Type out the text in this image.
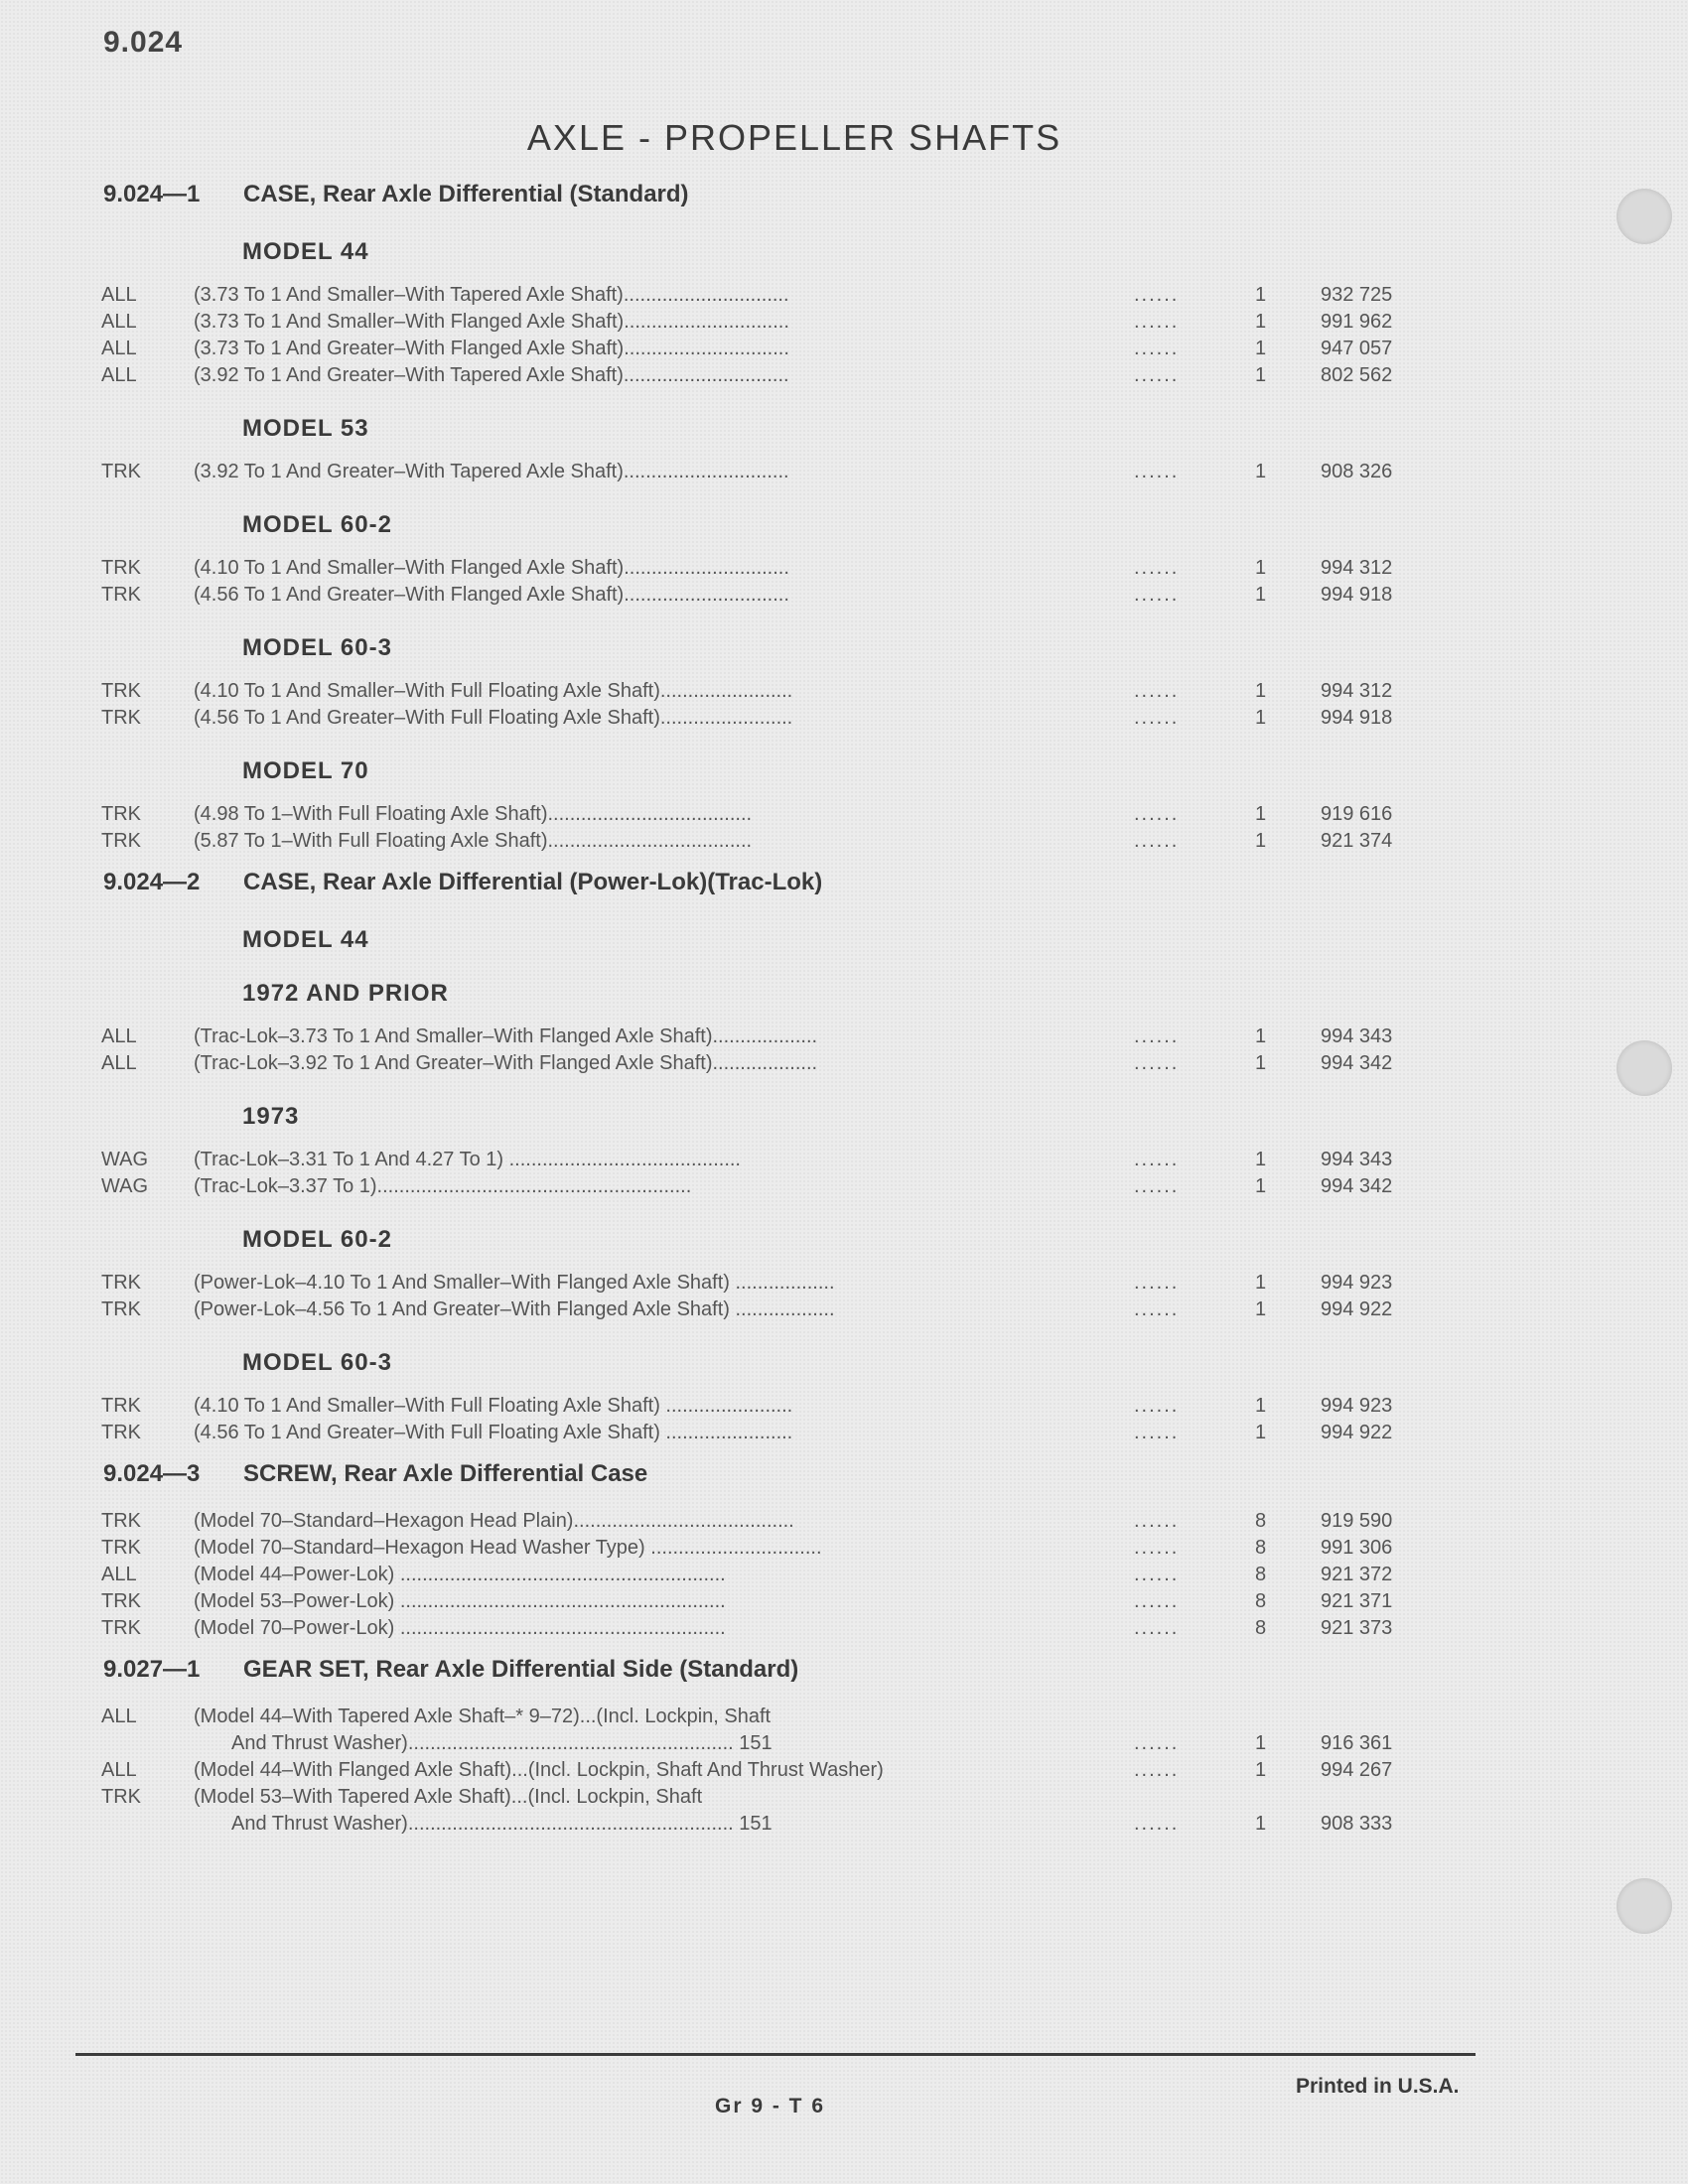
9.024
AXLE - PROPELLER SHAFTS
9.024—1 CASE, Rear Axle Differential (Standard)
MODEL 44
ALL	(3.73 To 1 And Smaller–With Tapered Axle Shaft)..............................	......	1	932 725
ALL	(3.73 To 1 And Smaller–With Flanged Axle Shaft)..............................	......	1	991 962
ALL	(3.73 To 1 And Greater–With Flanged Axle Shaft)..............................	......	1	947 057
ALL	(3.92 To 1 And Greater–With Tapered Axle Shaft)..............................	......	1	802 562
MODEL 53
TRK	(3.92 To 1 And Greater–With Tapered Axle Shaft)..............................	......	1	908 326
MODEL 60-2
TRK	(4.10 To 1 And Smaller–With Flanged Axle Shaft)..............................	......	1	994 312
TRK	(4.56 To 1 And Greater–With Flanged Axle Shaft)..............................	......	1	994 918
MODEL 60-3
TRK	(4.10 To 1 And Smaller–With Full Floating Axle Shaft)........................	......	1	994 312
TRK	(4.56 To 1 And Greater–With Full Floating Axle Shaft)........................	......	1	994 918
MODEL 70
TRK	(4.98 To 1–With Full Floating Axle Shaft).....................................	......	1	919 616
TRK	(5.87 To 1–With Full Floating Axle Shaft).....................................	......	1	921 374
9.024—2 CASE, Rear Axle Differential (Power-Lok)(Trac-Lok)
MODEL 44
1972 AND PRIOR
ALL	(Trac-Lok–3.73 To 1 And Smaller–With Flanged Axle Shaft)...................	......	1	994 343
ALL	(Trac-Lok–3.92 To 1 And Greater–With Flanged Axle Shaft)...................	......	1	994 342
1973
WAG (Trac-Lok–3.31 To 1 And 4.27 To 1) ..........................................	......	1	994 343
WAG (Trac-Lok–3.37 To 1).........................................................	......	1	994 342
MODEL 60-2
TRK	(Power-Lok–4.10 To 1 And Smaller–With Flanged Axle Shaft) ..................	......	1	994 923
TRK	(Power-Lok–4.56 To 1 And Greater–With Flanged Axle Shaft) ..................	......	1	994 922
MODEL 60-3
TRK	(4.10 To 1 And Smaller–With Full Floating Axle Shaft) .......................	......	1	994 923
TRK	(4.56 To 1 And Greater–With Full Floating Axle Shaft) .......................	......	1	994 922
9.024—3 SCREW, Rear Axle Differential Case
TRK	(Model 70–Standard–Hexagon Head Plain)........................................	......	8	919 590
TRK	(Model 70–Standard–Hexagon Head Washer Type) ...............................	......	8	991 306
ALL	(Model 44–Power-Lok) ...........................................................	......	8	921 372
TRK	(Model 53–Power-Lok) ...........................................................	......	8	921 371
TRK	(Model 70–Power-Lok) ...........................................................	......	8	921 373
9.027—1 GEAR SET, Rear Axle Differential Side (Standard)
ALL	(Model 44–With Tapered Axle Shaft–* 9–72)...(Incl. Lockpin, Shaft
And Thrust Washer)........................................................... 151	......	1	916 361
ALL	(Model 44–With Flanged Axle Shaft)...(Incl. Lockpin, Shaft And Thrust Washer)	......	1	994 267
TRK	(Model 53–With Tapered Axle Shaft)...(Incl. Lockpin, Shaft
And Thrust Washer)........................................................... 151	......	1	908 333
Printed in U.S.A.
Gr 9 - T 6
